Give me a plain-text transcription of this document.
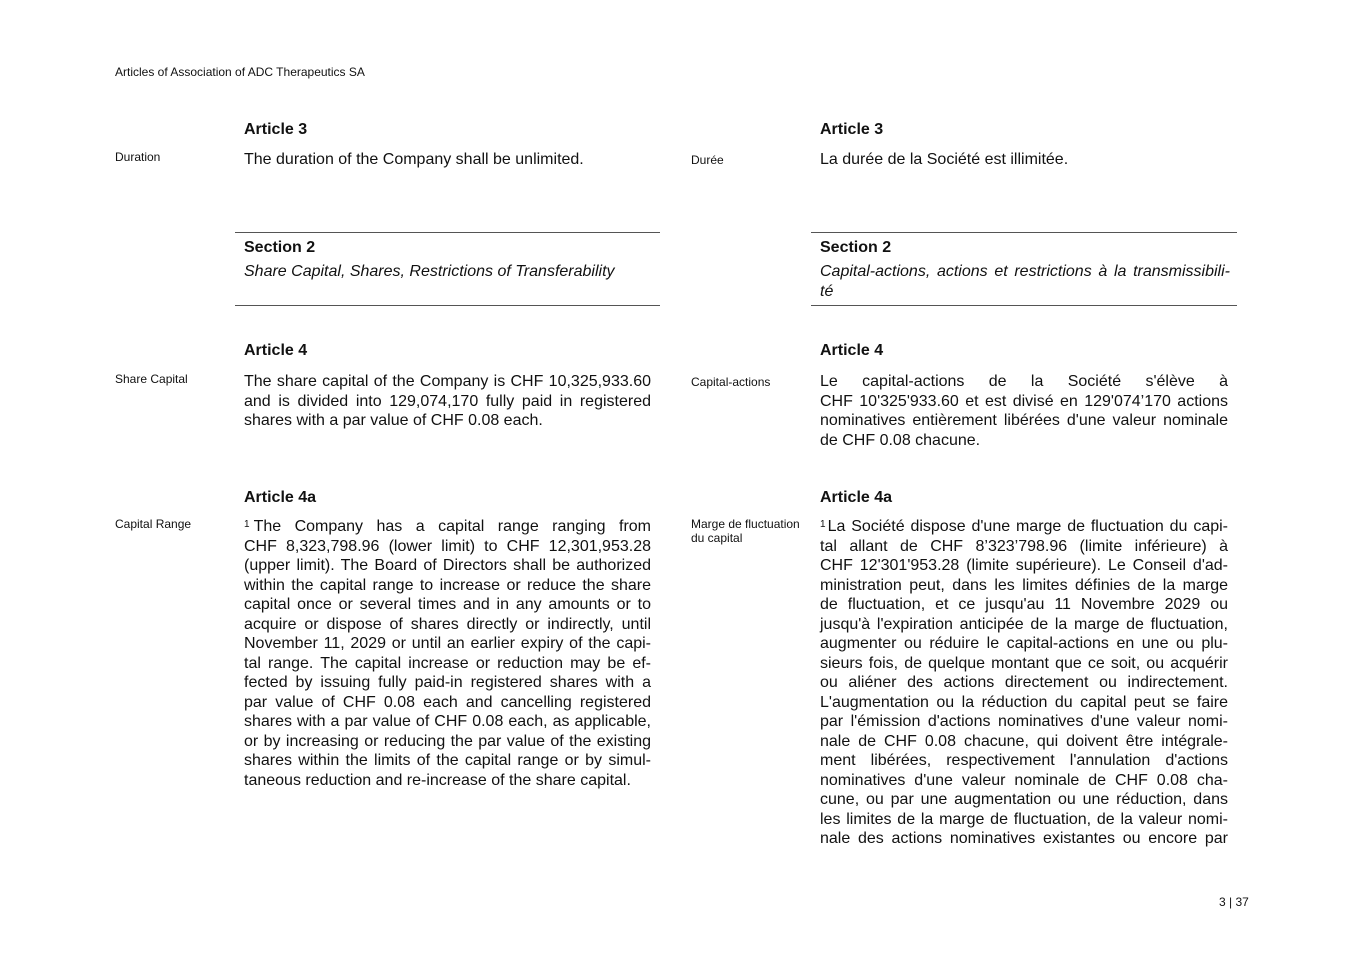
Articles of Association of ADC Therapeutics SA
Article 3
Duration	The duration of the Company shall be unlimited.
Article 3
Durée	La durée de la Société est illimitée.
Section 2
Share Capital, Shares, Restrictions of Transferability
Section 2
Capital-actions, actions et restrictions à la transmissibili-
té
Article 4
Share Capital	The share capital of the Company is CHF 10,325,933.60
and is divided into 129,074,170 fully paid in registered
shares with a par value of CHF 0.08 each.
Article 4
Capital-actions	Le capital-actions de la Société s'élève à
CHF 10'325'933.60 et est divisé en 129'074’170 actions
nominatives entièrement libérées d'une valeur nominale
de CHF 0.08 chacune.
Article 4a
Capital Range	$^1$ The Company has a capital range ranging from
CHF 8,323,798.96 (lower limit) to CHF 12,301,953.28
(upper limit). The Board of Directors shall be authorized
within the capital range to increase or reduce the share
capital once or several times and in any amounts or to
acquire or dispose of shares directly or indirectly, until
November 11, 2029 or until an earlier expiry of the capi-
tal range. The capital increase or reduction may be ef-
fected by issuing fully paid-in registered shares with a
par value of CHF 0.08 each and cancelling registered
shares with a par value of CHF 0.08 each, as applicable,
or by increasing or reducing the par value of the existing
shares within the limits of the capital range or by simul-
taneous reduction and re-increase of the share capital.
Article 4a
Marge de fluctuation
du capital
$^1$ La Société dispose d'une marge de fluctuation du capi-
tal allant de CHF 8’323’798.96 (limite inférieure) à
CHF 12'301'953.28 (limite supérieure). Le Conseil d'ad-
ministration peut, dans les limites définies de la marge
de fluctuation, et ce jusqu'au 11 Novembre 2029 ou
jusqu'à l'expiration anticipée de la marge de fluctuation,
augmenter ou réduire le capital-actions en une ou plu-
sieurs fois, de quelque montant que ce soit, ou acquérir
ou aliéner des actions directement ou indirectement.
L'augmentation ou la réduction du capital peut se faire
par l'émission d'actions nominatives d'une valeur nomi-
nale de CHF 0.08 chacune, qui doivent être intégrale-
ment libérées, respectivement l'annulation d'actions
nominatives d'une valeur nominale de CHF 0.08 cha-
cune, ou par une augmentation ou une réduction, dans
les limites de la marge de fluctuation, de la valeur nomi-
nale des actions nominatives existantes ou encore par
3 | 37
